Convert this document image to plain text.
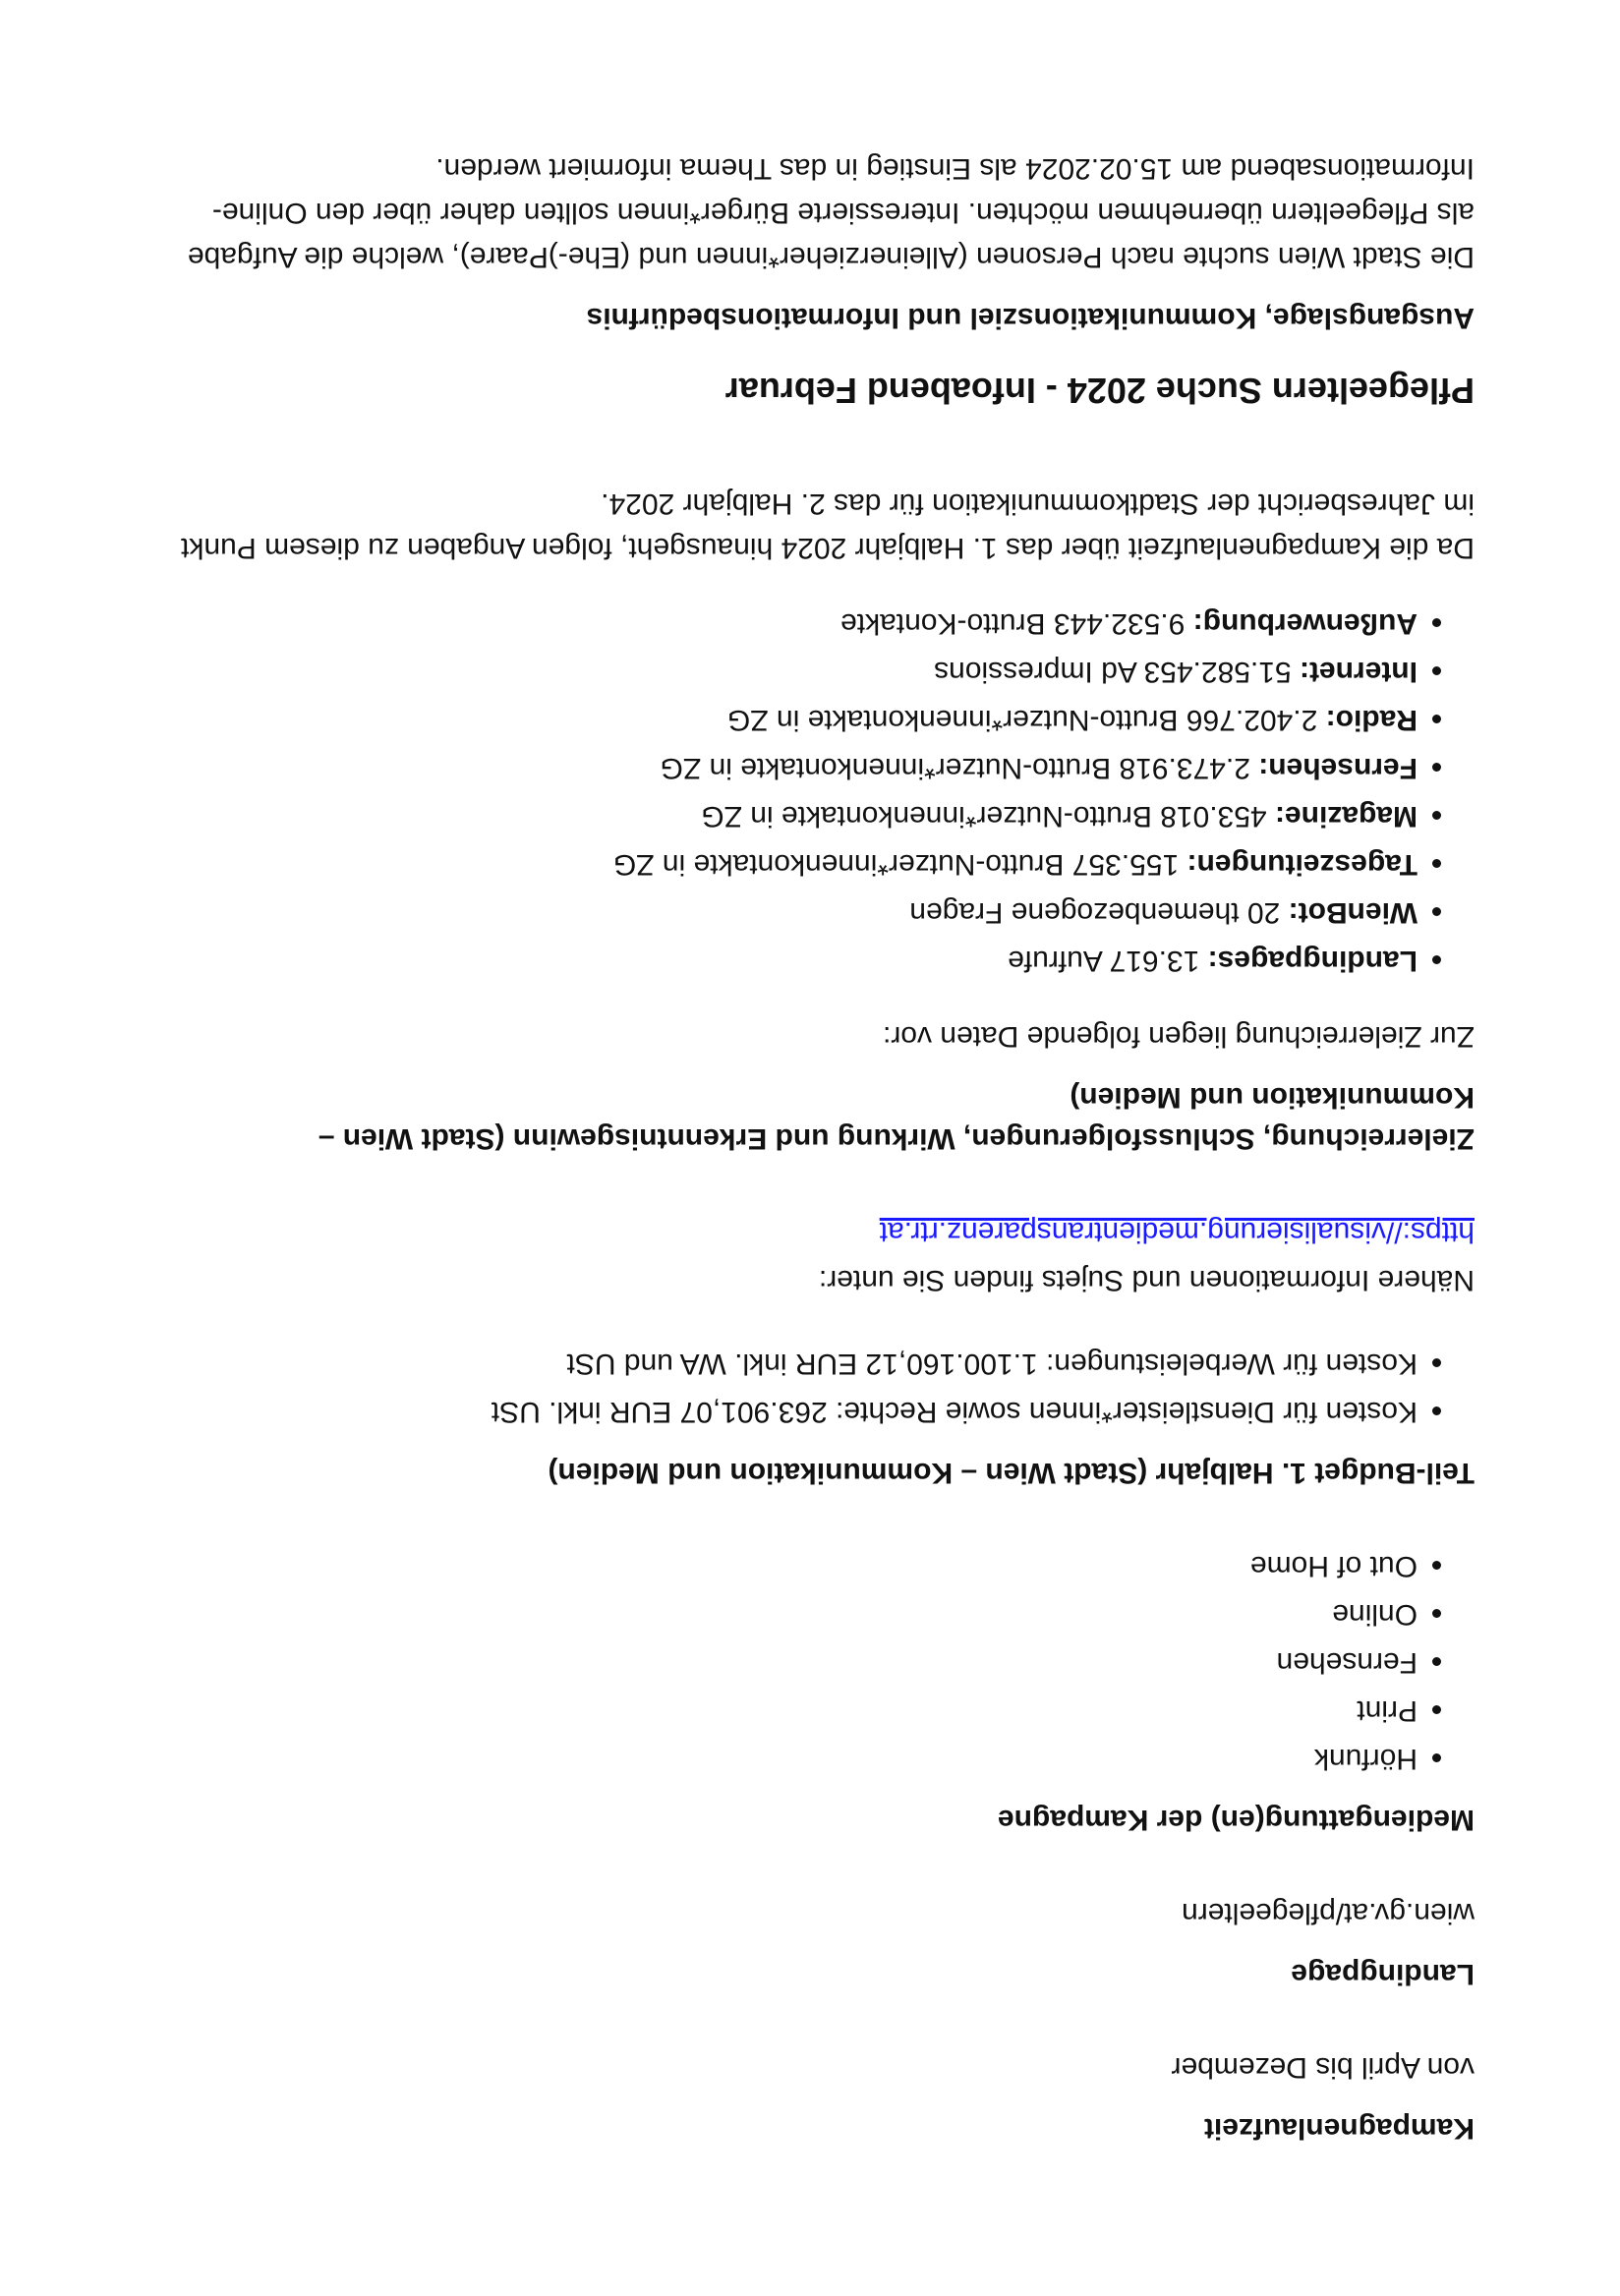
Kampagnenlaufzeit

von April bis Dezember

Landingpage

wien.gv.at/pflegeeltern

Mediengattung(en) der Kampagne
• Hörfunk
• Print
• Fernsehen
• Online
• Out of Home
Teil-Budget 1. Halbjahr (Stadt Wien – Kommunikation und Medien)
• Kosten für Dienstleister*innen sowie Rechte: 263.901,07 EUR inkl. USt
• Kosten für Werbeleistungen: 1.100.160,12 EUR inkl. WA und USt

Nähere Informationen und Sujets finden Sie unter:

https://visualisierung.medientransparenz.rtr.at

Zielerreichung, Schlussfolgerungen, Wirkung und Erkenntnisgewinn (Stadt Wien – Kommunikation und Medien)

Zur Zielerreichung liegen folgende Daten vor:

• Landingpages: 13.617 Aufrufe
• WienBot: 20 themenbezogene Fragen
• Tageszeitungen: 155.357 Brutto-Nutzer*innenkontakte in ZG
• Magazine: 453.018 Brutto-Nutzer*innenkontakte in ZG
• Fernsehen: 2.473.918 Brutto-Nutzer*innenkontakte in ZG
• Radio: 2.402.766 Brutto-Nutzer*innenkontakte in ZG
• Internet: 51.582.453 Ad Impressions
• Außenwerbung: 9.532.443 Brutto-Kontakte

Da die Kampagnenlaufzeit über das 1. Halbjahr 2024 hinausgeht, folgen Angaben zu diesem Punkt im Jahresbericht der Stadtkommunikation für das 2. Halbjahr 2024.

Pflegeeltern Suche 2024 - Infoabend Februar
Ausgangslage, Kommunikationsziel und Informationsbedürfnis

Die Stadt Wien suchte nach Personen (Alleinerzieher*innen und (Ehe-)Paare), welche die Aufgabe als Pflegeeltern übernehmen möchten. Interessierte Bürger*innen sollten daher über den Online-Informationsabend am 15.02.2024 als Einstieg in das Thema informiert werden.
